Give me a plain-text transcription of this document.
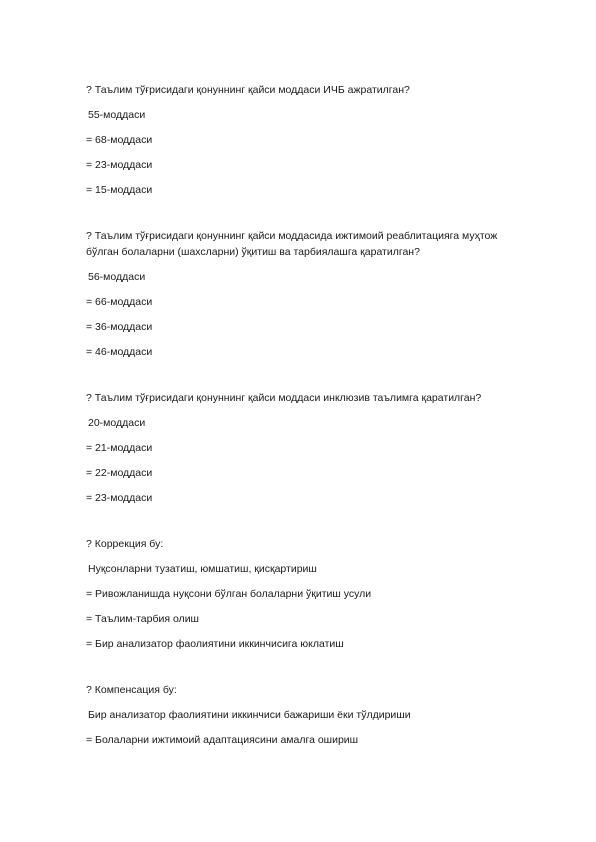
? Таълим тўғрисидаги қонуннинг қайси моддаси ИЧБ ажратилган?

55-моддаси
= 68-моддаси
= 23-моддаси
= 15-моддаси

? Таълим тўғрисидаги қонуннинг қайси моддасида ижтимоий реаблитацияга муҳтож бўлган болаларни (шахсларни) ўқитиш ва тарбиялашга қаратилган?

56-моддаси
= 66-моддаси
= 36-моддаси
= 46-моддаси

? Таълим тўғрисидаги қонуннинг қайси моддаси инклюзив таълимга қаратилган?

20-моддаси
= 21-моддаси
= 22-моддаси
= 23-моддаси

? Коррекция бу:

Нуқсонларни тузатиш, юмшатиш, қисқартириш
= Ривожланишда нуқсони бўлган болаларни ўқитиш усули
= Таълим-тарбия олиш
= Бир анализатор фаолиятини иккинчисига юклатиш

? Компенсация бу:

Бир анализатор фаолиятини иккинчиси бажариши ёки тўлдириши
= Болаларни ижтимоий адаптациясини амалга ошириш
